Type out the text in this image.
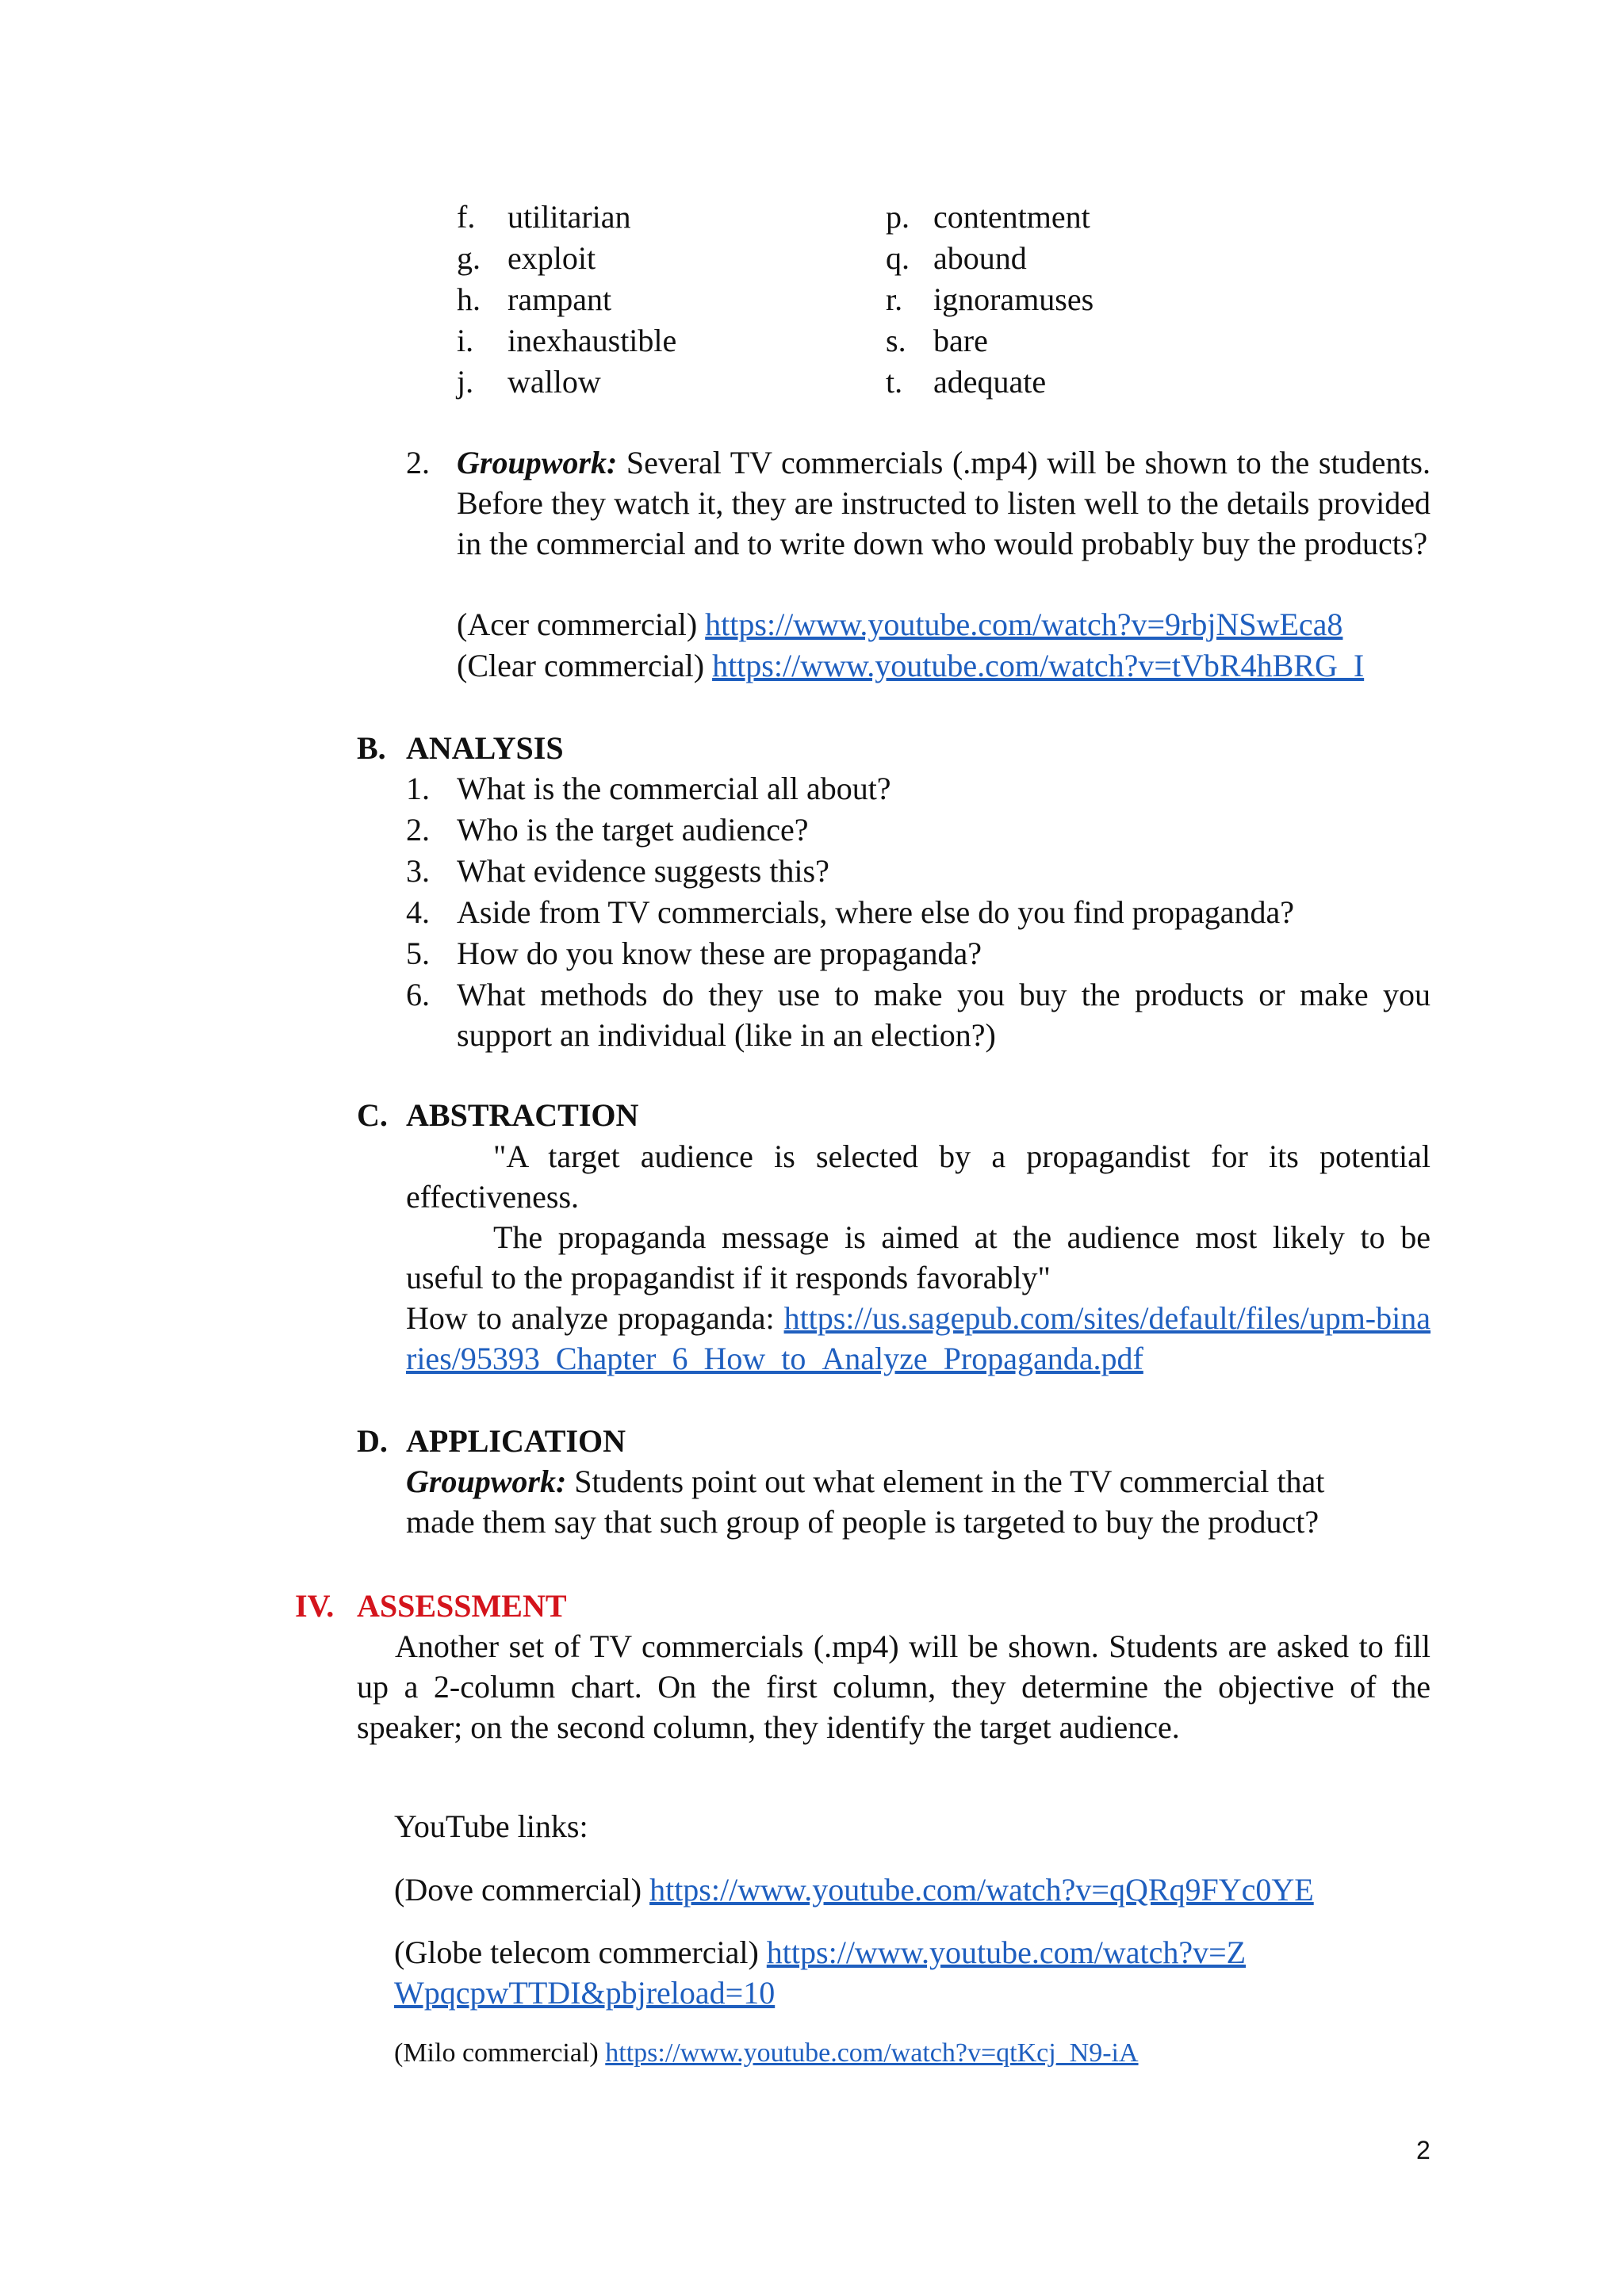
f. utilitarian
g. exploit
h. rampant
i. inexhaustible
j. wallow
p. contentment
q. abound
r. ignoramuses
s. bare
t. adequate
2. Groupwork: Several TV commercials (.mp4) will be shown to the students. Before they watch it, they are instructed to listen well to the details provided in the commercial and to write down who would probably buy the products?
(Acer commercial) https://www.youtube.com/watch?v=9rbjNSwEca8
(Clear commercial) https://www.youtube.com/watch?v=tVbR4hBRG_I
B. ANALYSIS
1. What is the commercial all about?
2. Who is the target audience?
3. What evidence suggests this?
4. Aside from TV commercials, where else do you find propaganda?
5. How do you know these are propaganda?
6. What methods do they use to make you buy the products or make you support an individual (like in an election?)
C. ABSTRACTION
"A target audience is selected by a propagandist for its potential effectiveness.
The propaganda message is aimed at the audience most likely to be useful to the propagandist if it responds favorably"
How to analyze propaganda: https://us.sagepub.com/sites/default/files/upm-binaries/95393_Chapter_6_How_to_Analyze_Propaganda.pdf
D. APPLICATION
Groupwork: Students point out what element in the TV commercial that made them say that such group of people is targeted to buy the product?
IV. ASSESSMENT
Another set of TV commercials (.mp4) will be shown. Students are asked to fill up a 2-column chart. On the first column, they determine the objective of the speaker; on the second column, they identify the target audience.
YouTube links:
(Dove commercial) https://www.youtube.com/watch?v=qQRq9FYc0YE
(Globe telecom commercial) https://www.youtube.com/watch?v=ZWpqcpwTTDI&pbjreload=10
(Milo commercial) https://www.youtube.com/watch?v=qtKcj_N9-iA
2
